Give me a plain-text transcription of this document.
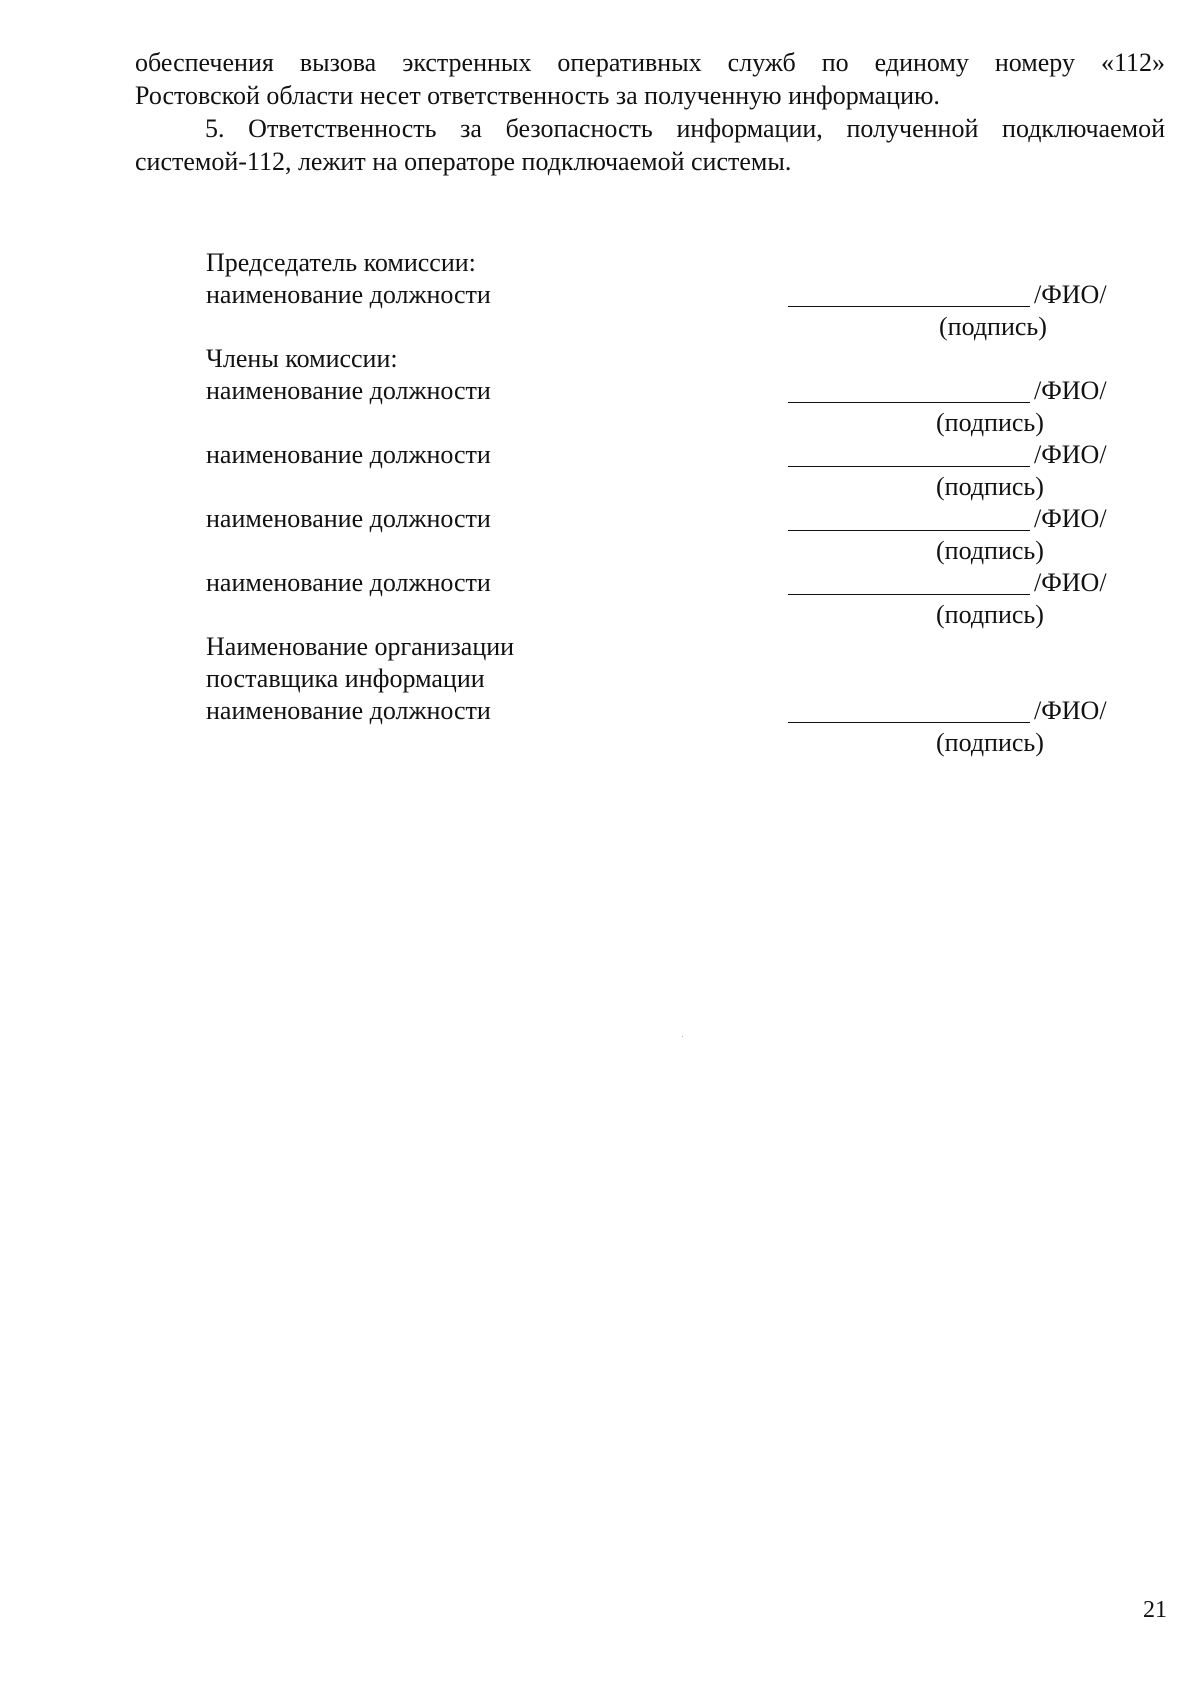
обеспечения вызова экстренных оперативных служб по единому номеру «112»
Ростовской области несет ответственность за полученную информацию.

5. Ответственность за безопасность информации, полученной подключаемой
системой-112, лежит на операторе подключаемой системы.

Председатель комиссии:
наименование должности	/ФИО/
(подпись)
Члены комиссии:
наименование должности	/ФИО/
(подпись)
наименование должности	/ФИО/
(подпись)
наименование должности	/ФИО/
(подпись)
наименование должности	/ФИО/
(подпись)
Наименование организации
поставщика информации
наименование должности	/ФИО/
(подпись)
21
